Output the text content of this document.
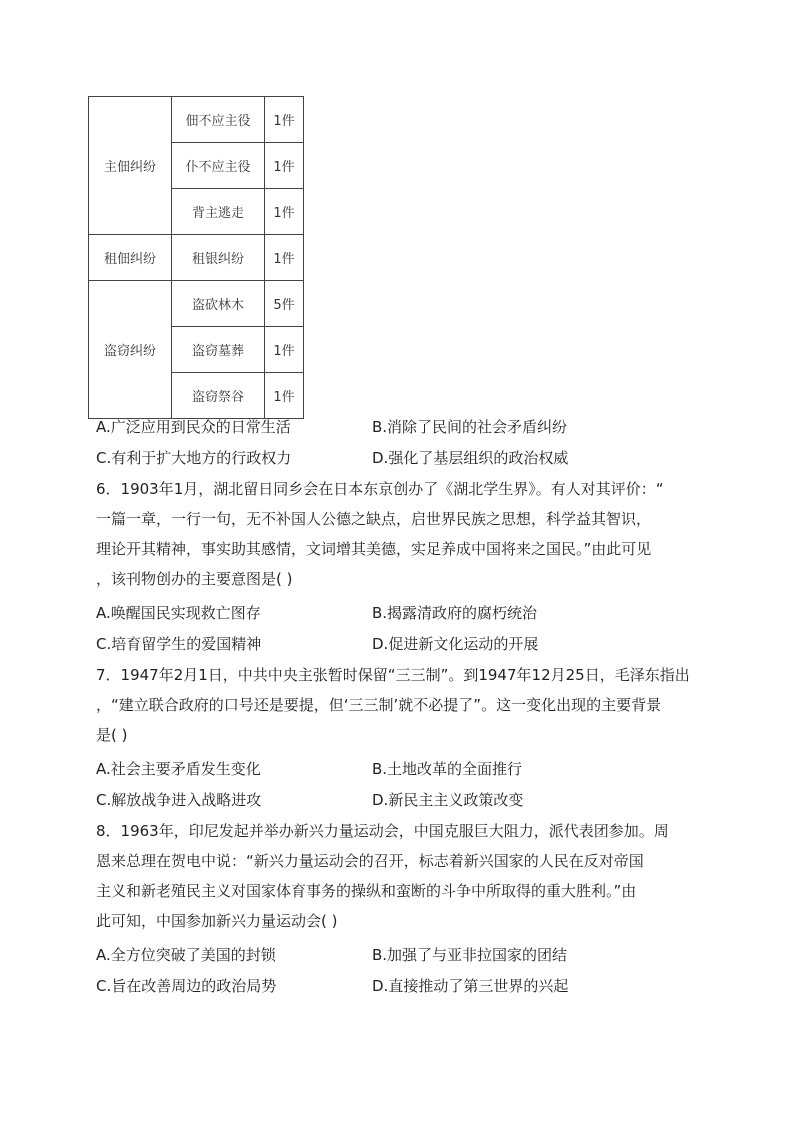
主佃纠纷	佃不应主役	1件
	仆不应主役	1件
	背主逃走	1件
租佃纠纷	租银纠纷	1件
盗窃纠纷	盗砍林木	5件
	盗窃墓葬	1件
	盗窃祭谷	1件
A.广泛应用到民众的日常生活	B.消除了民间的社会矛盾纠纷
C.有利于扩大地方的行政权力	D.强化了基层组织的政治权威
6．1903年1月，湖北留日同乡会在日本东京创办了《湖北学生界》。有人对其评价：“
一篇一章，一行一句，无不补国人公德之缺点，启世界民族之思想，科学益其智识，
理论开其精神，事实助其感情，文词增其美德，实足养成中国将来之国民。”由此可见
，该刊物创办的主要意图是( )
A.唤醒国民实现救亡图存	B.揭露清政府的腐朽统治
C.培育留学生的爱国精神	D.促进新文化运动的开展
7．1947年2月1日，中共中央主张暂时保留“三三制”。到1947年12月25日，毛泽东指出
，“建立联合政府的口号还是要提，但‘三三制’就不必提了”。这一变化出现的主要背景
是( )
A.社会主要矛盾发生变化	B.土地改革的全面推行
C.解放战争进入战略进攻	D.新民主主义政策改变
8．1963年，印尼发起并举办新兴力量运动会，中国克服巨大阻力，派代表团参加。周
恩来总理在贺电中说：“新兴力量运动会的召开，标志着新兴国家的人民在反对帝国
主义和新老殖民主义对国家体育事务的操纵和蛮断的斗争中所取得的重大胜利。”由
此可知，中国参加新兴力量运动会( )
A.全方位突破了美国的封锁	B.加强了与亚非拉国家的团结
C.旨在改善周边的政治局势	D.直接推动了第三世界的兴起
